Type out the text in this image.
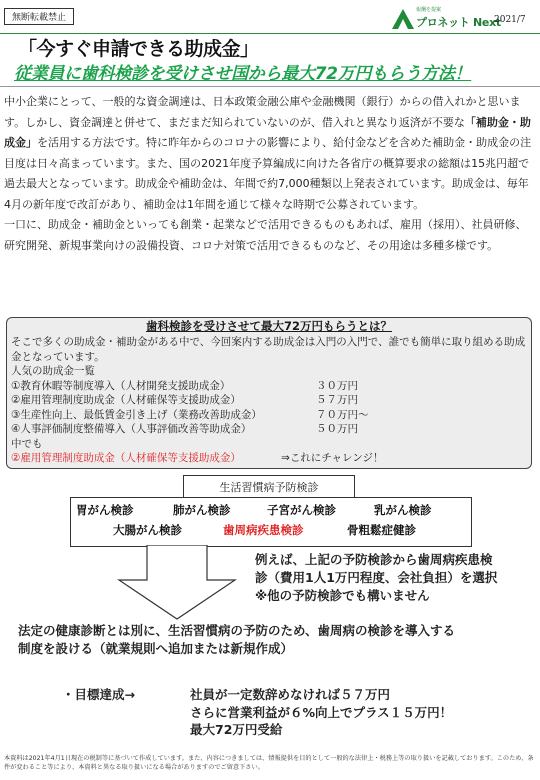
無断転載禁止
報酬を提案
プロネット Next
2021/7
「今すぐ申請できる助成金」
従業員に歯科検診を受けさせ国から最大72万円もらう方法！

中小企業にとって、一般的な資金調達は、日本政策金融公庫や金融機関（銀行）からの借入れかと思います。しかし、資金調達と併せて、まだまだ知られていないのが、借入れと異なり返済が不要な「補助金・助成金」を活用する方法です。特に昨年からのコロナの影響により、給付金などを含めた補助金・助成金の注目度は日々高まっています。また、国の2021年度予算編成に向けた各省庁の概算要求の総額は15兆円超で過去最大となっています。助成金や補助金は、年間で約7,000種類以上発表されています。助成金は、毎年4月の新年度で改訂があり、補助金は1年間を通じて様々な時期で公募されています。

一口に、助成金・補助金といっても創業・起業などで活用できるものもあれば、雇用（採用）、社員研修、研究開発、新規事業向けの設備投資、コロナ対策で活用できるものなど、その用途は多種多様です。

歯科検診を受けさせて最大72万円もらうとは？
そこで多くの助成金・補助金がある中で、今回案内する助成金は入門の入門で、誰でも簡単に取り組める助成金となっています。
人気の助成金一覧
①教育休暇等制度導入（人材開発支援助成金）	３０万円
②雇用管理制度助成金（人材確保等支援助成金）	５７万円
③生産性向上、最低賃金引き上げ（業務改善助成金）	７０万円～
④人事評価制度整備導入（人事評価改善等助成金）	５０万円
中でも
②雇用管理制度助成金（人材確保等支援助成金）	⇒これにチャレンジ！
生活習慣病予防検診
胃がん検診	肺がん検診	子宮がん検診	乳がん検診
大腸がん検診	歯周病疾患検診	骨粗鬆症健診
例えば、上記の予防検診から歯周病疾患検
診（費用1人1万円程度、会社負担）を選択
※他の予防検診でも構いません
法定の健康診断とは別に、生活習慣病の予防のため、歯周病の検診を導入する
制度を設ける（就業規則へ追加または新規作成）
・目標達成→	社員が一定数辞めなければ５７万円
さらに営業利益が６%向上でプラス１５万円！
最大72万円受給
本資料は2021年4月1日現在の税制等に基づいて作成しています。また、内容につきましては、情報提供を目的として一般的な法律上・税務上等の取り扱いを記載しております。このため、条件が変わること等により、本資料と異なる取り扱いになる場合がありますのでご留意下さい。
